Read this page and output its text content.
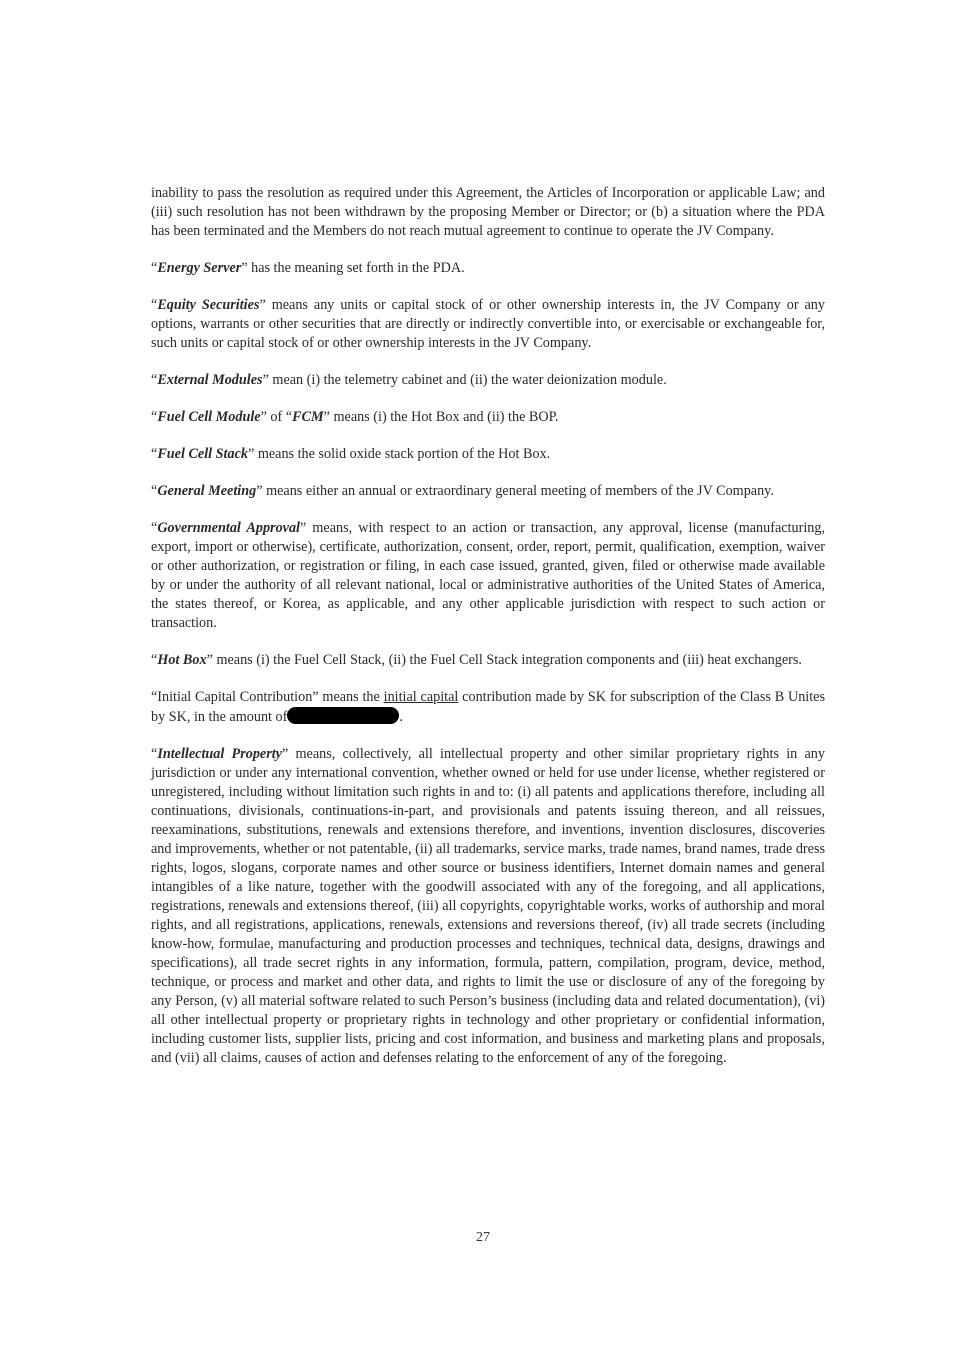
inability to pass the resolution as required under this Agreement, the Articles of Incorporation or applicable Law; and (iii) such resolution has not been withdrawn by the proposing Member or Director; or (b) a situation where the PDA has been terminated and the Members do not reach mutual agreement to continue to operate the JV Company.

“Energy Server” has the meaning set forth in the PDA.

“Equity Securities” means any units or capital stock of or other ownership interests in, the JV Company or any options, warrants or other securities that are directly or indirectly convertible into, or exercisable or exchangeable for, such units or capital stock of or other ownership interests in the JV Company.

“External Modules” mean (i) the telemetry cabinet and (ii) the water deionization module.

“Fuel Cell Module” of “FCM” means (i) the Hot Box and (ii) the BOP.

“Fuel Cell Stack” means the solid oxide stack portion of the Hot Box.

“General Meeting” means either an annual or extraordinary general meeting of members of the JV Company.

“Governmental Approval” means, with respect to an action or transaction, any approval, license (manufacturing, export, import or otherwise), certificate, authorization, consent, order, report, permit, qualification, exemption, waiver or other authorization, or registration or filing, in each case issued, granted, given, filed or otherwise made available by or under the authority of all relevant national, local or administrative authorities of the United States of America, the states thereof, or Korea, as applicable, and any other applicable jurisdiction with respect to such action or transaction.

“Hot Box” means (i) the Fuel Cell Stack, (ii) the Fuel Cell Stack integration components and (iii) heat exchangers.

“Initial Capital Contribution” means the initial capital contribution made by SK for subscription of the Class B Unites by SK, in the amount of	.

“Intellectual Property” means, collectively, all intellectual property and other similar proprietary rights in any jurisdiction or under any international convention, whether owned or held for use under license, whether registered or unregistered, including without limitation such rights in and to: (i) all patents and applications therefore, including all continuations, divisionals, continuations-in-part, and provisionals and patents issuing thereon, and all reissues, reexaminations, substitutions, renewals and extensions therefore, and inventions, invention disclosures, discoveries and improvements, whether or not patentable, (ii) all trademarks, service marks, trade names, brand names, trade dress rights, logos, slogans, corporate names and other source or business identifiers, Internet domain names and general intangibles of a like nature, together with the goodwill associated with any of the foregoing, and all applications, registrations, renewals and extensions thereof, (iii) all copyrights, copyrightable works, works of authorship and moral rights, and all registrations, applications, renewals, extensions and reversions thereof, (iv) all trade secrets (including know-how, formulae, manufacturing and production processes and techniques, technical data, designs, drawings and specifications), all trade secret rights in any information, formula, pattern, compilation, program, device, method, technique, or process and market and other data, and rights to limit the use or disclosure of any of the foregoing by any Person, (v) all material software related to such Person’s business (including data and related documentation), (vi) all other intellectual property or proprietary rights in technology and other proprietary or confidential information, including customer lists, supplier lists, pricing and cost information, and business and marketing plans and proposals, and (vii) all claims, causes of action and defenses relating to the enforcement of any of the foregoing.

27
